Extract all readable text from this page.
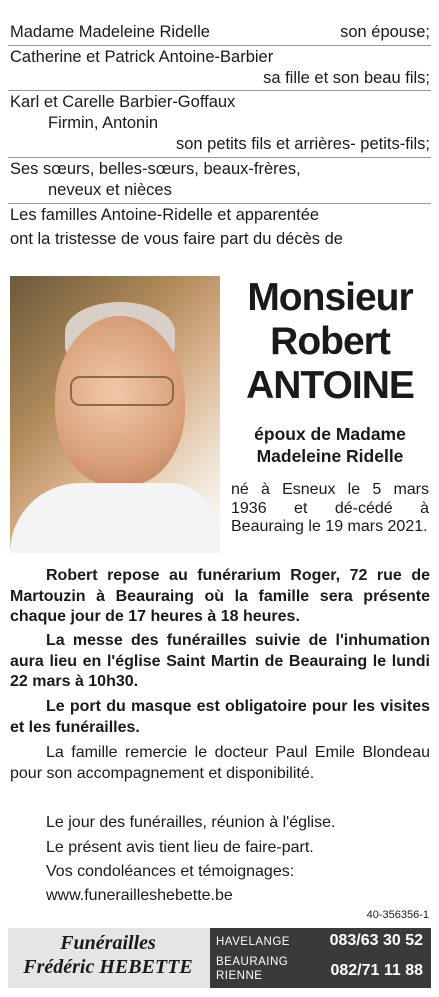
Madame Madeleine Ridelle	son épouse;
Catherine et Patrick Antoine-Barbier
sa fille et son beau fils;
Karl et Carelle Barbier-Goffaux
Firmin, Antonin
son petits fils et arrières- petits-fils;
Ses sœurs, belles-sœurs, beaux-frères,
neveux et nièces
Les familles Antoine-Ridelle et apparentée
ont la tristesse de vous faire part du décès de
Monsieur
Robert
ANTOINE
époux de Madame
Madeleine Ridelle
né à Esneux le 5 mars 1936 et dé-cédé à Beauraing le 19 mars 2021.
Robert repose au funérarium Roger, 72 rue de Martouzin à Beauraing où la famille sera présente chaque jour de 17 heures à 18 heures.
La messe des funérailles suivie de l'inhumation aura lieu en l'église Saint Martin de Beauraing le lundi 22 mars à 10h30.
Le port du masque est obligatoire pour les visites et les funérailles.
La famille remercie le docteur Paul Emile Blondeau pour son accompagnement et disponibilité.
Le jour des funérailles, réunion à l'église.
Le présent avis tient lieu de faire-part.
Vos condoléances et témoignages:
www.funerailleshebette.be
40-356356-1
Funérailles
Frédéric HEBETTE
HAVELANGE 083/63 30 52
BEAURAING
RIENNE	082/71 11 88
